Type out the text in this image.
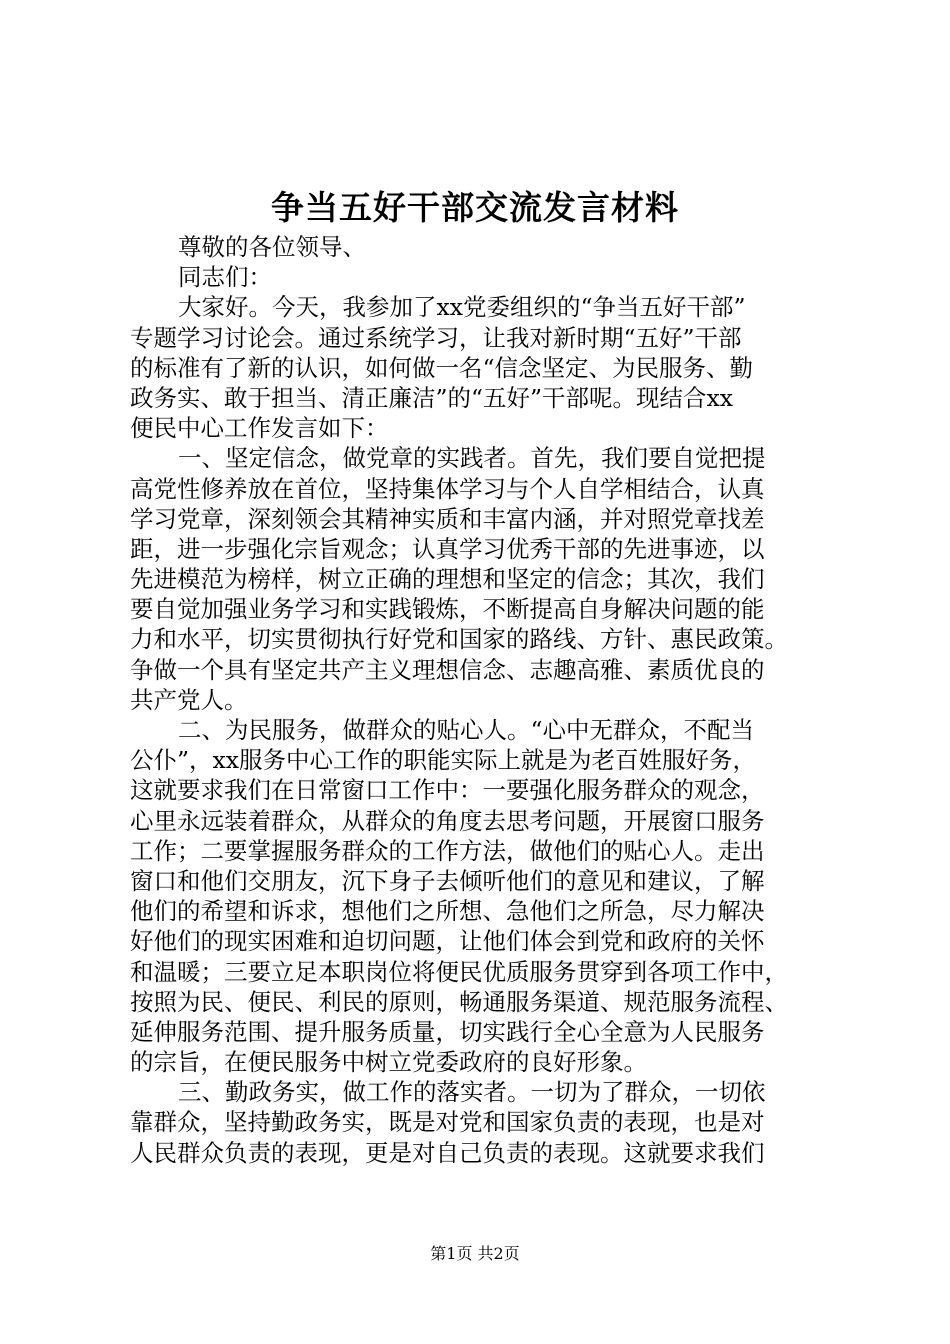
争当五好干部交流发言材料
尊敬的各位领导、
同志们：
大家好。今天，我参加了xx党委组织的“争当五好干部”
专题学习讨论会。通过系统学习，让我对新时期“五好”干部
的标准有了新的认识，如何做一名“信念坚定、为民服务、勤
政务实、敢于担当、清正廉洁”的“五好”干部呢。现结合xx
便民中心工作发言如下：
一、坚定信念，做党章的实践者。首先，我们要自觉把提
高党性修养放在首位，坚持集体学习与个人自学相结合，认真
学习党章，深刻领会其精神实质和丰富内涵，并对照党章找差
距，进一步强化宗旨观念；认真学习优秀干部的先进事迹，以
先进模范为榜样，树立正确的理想和坚定的信念；其次，我们
要自觉加强业务学习和实践锻炼，不断提高自身解决问题的能
力和水平，切实贯彻执行好党和国家的路线、方针、惠民政策。
争做一个具有坚定共产主义理想信念、志趣高雅、素质优良的
共产党人。
二、为民服务，做群众的贴心人。“心中无群众，不配当
公仆”，xx服务中心工作的职能实际上就是为老百姓服好务，
这就要求我们在日常窗口工作中：一要强化服务群众的观念，
心里永远装着群众，从群众的角度去思考问题，开展窗口服务
工作；二要掌握服务群众的工作方法，做他们的贴心人。走出
窗口和他们交朋友，沉下身子去倾听他们的意见和建议，了解
他们的希望和诉求，想他们之所想、急他们之所急，尽力解决
好他们的现实困难和迫切问题，让他们体会到党和政府的关怀
和温暖；三要立足本职岗位将便民优质服务贯穿到各项工作中，
按照为民、便民、利民的原则，畅通服务渠道、规范服务流程、
延伸服务范围、提升服务质量，切实践行全心全意为人民服务
的宗旨，在便民服务中树立党委政府的良好形象。
三、勤政务实，做工作的落实者。一切为了群众，一切依
靠群众，坚持勤政务实，既是对党和国家负责的表现，也是对
人民群众负责的表现，更是对自己负责的表现。这就要求我们
第1页 共2页
